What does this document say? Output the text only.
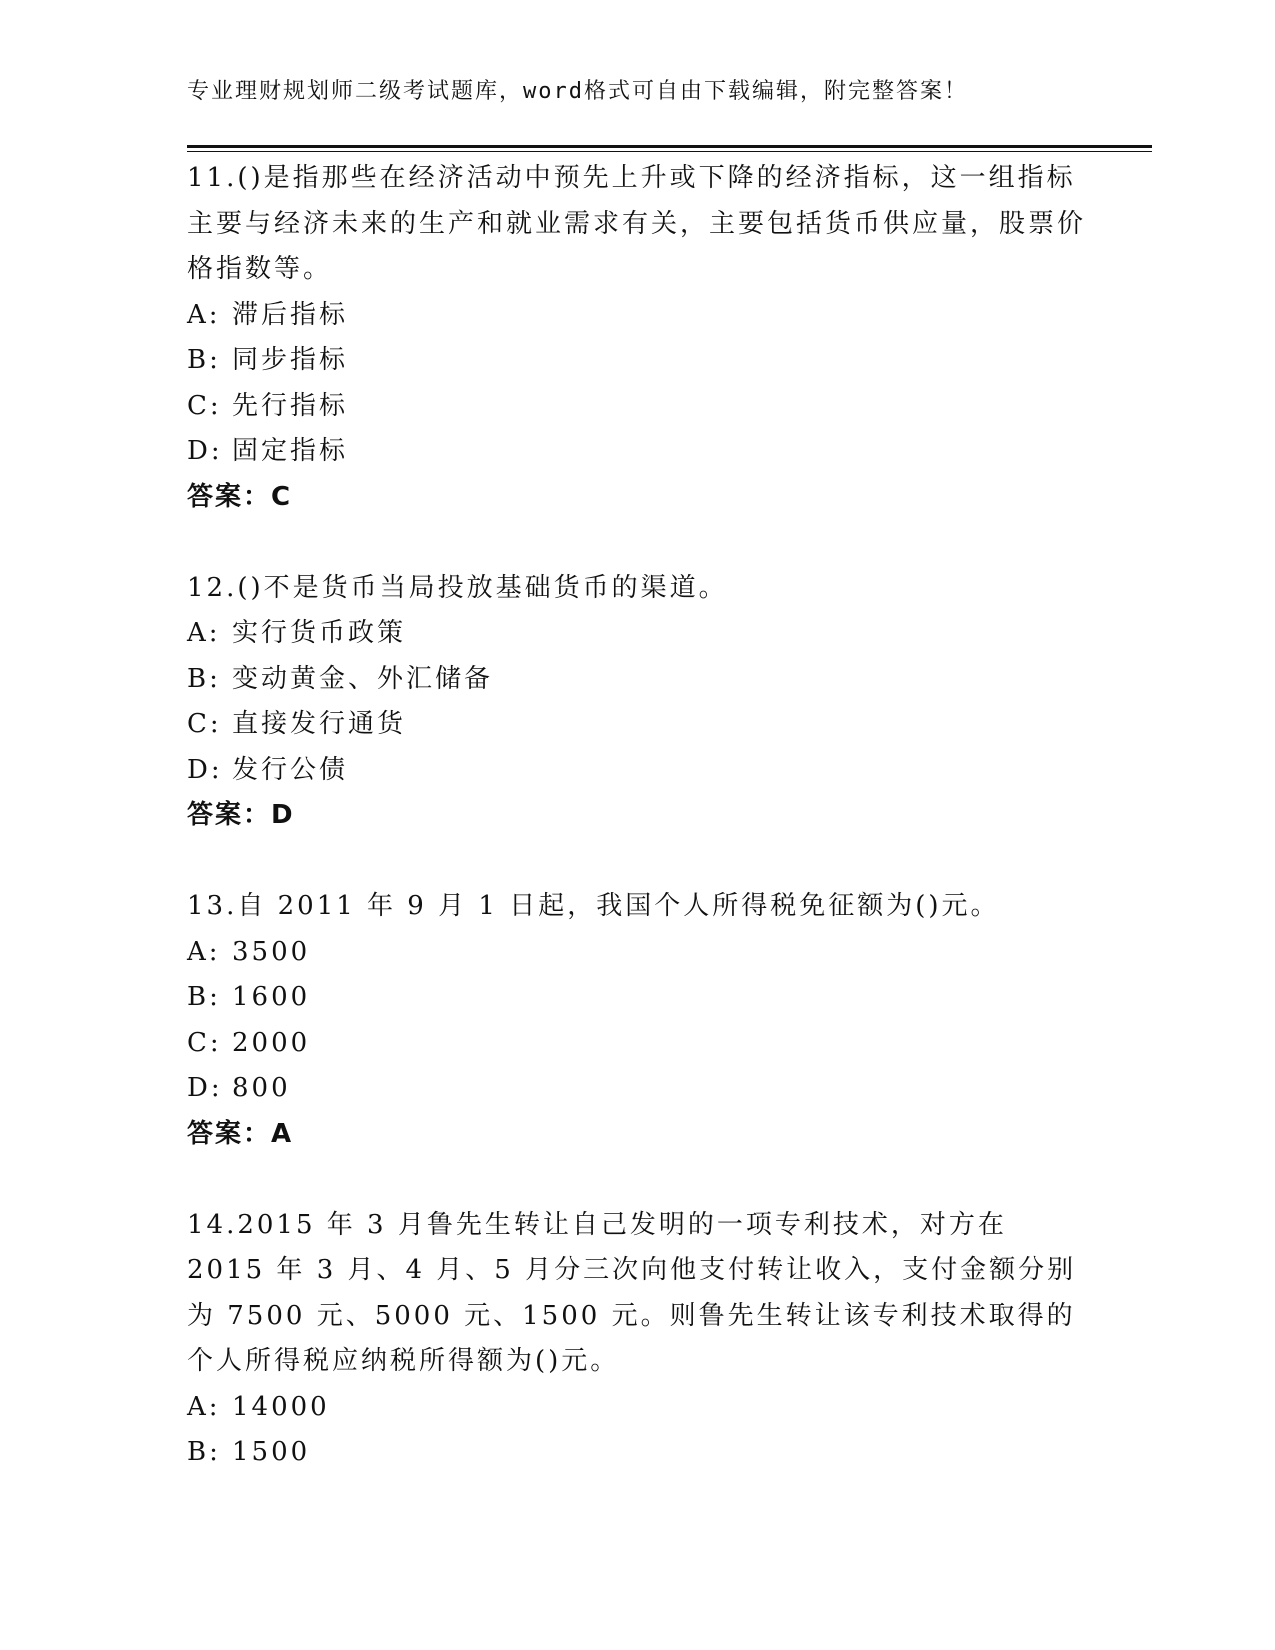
专业理财规划师二级考试题库，word格式可自由下载编辑，附完整答案！

11.()是指那些在经济活动中预先上升或下降的经济指标，这一组指标主要与经济未来的生产和就业需求有关，主要包括货币供应量，股票价格指数等。

A: 滞后指标

B: 同步指标

C: 先行指标

D: 固定指标

答案：C

12.()不是货币当局投放基础货币的渠道。

A: 实行货币政策

B: 变动黄金、外汇储备

C: 直接发行通货

D: 发行公债

答案：D

13.自 2011 年 9 月 1 日起，我国个人所得税免征额为()元。

A: 3500

B: 1600

C: 2000

D: 800

答案：A

14.2015 年 3 月鲁先生转让自己发明的一项专利技术，对方在 2015 年 3 月、4 月、5 月分三次向他支付转让收入，支付金额分别为 7500 元、5000 元、1500 元。则鲁先生转让该专利技术取得的个人所得税应纳税所得额为()元。

A: 14000

B: 1500
